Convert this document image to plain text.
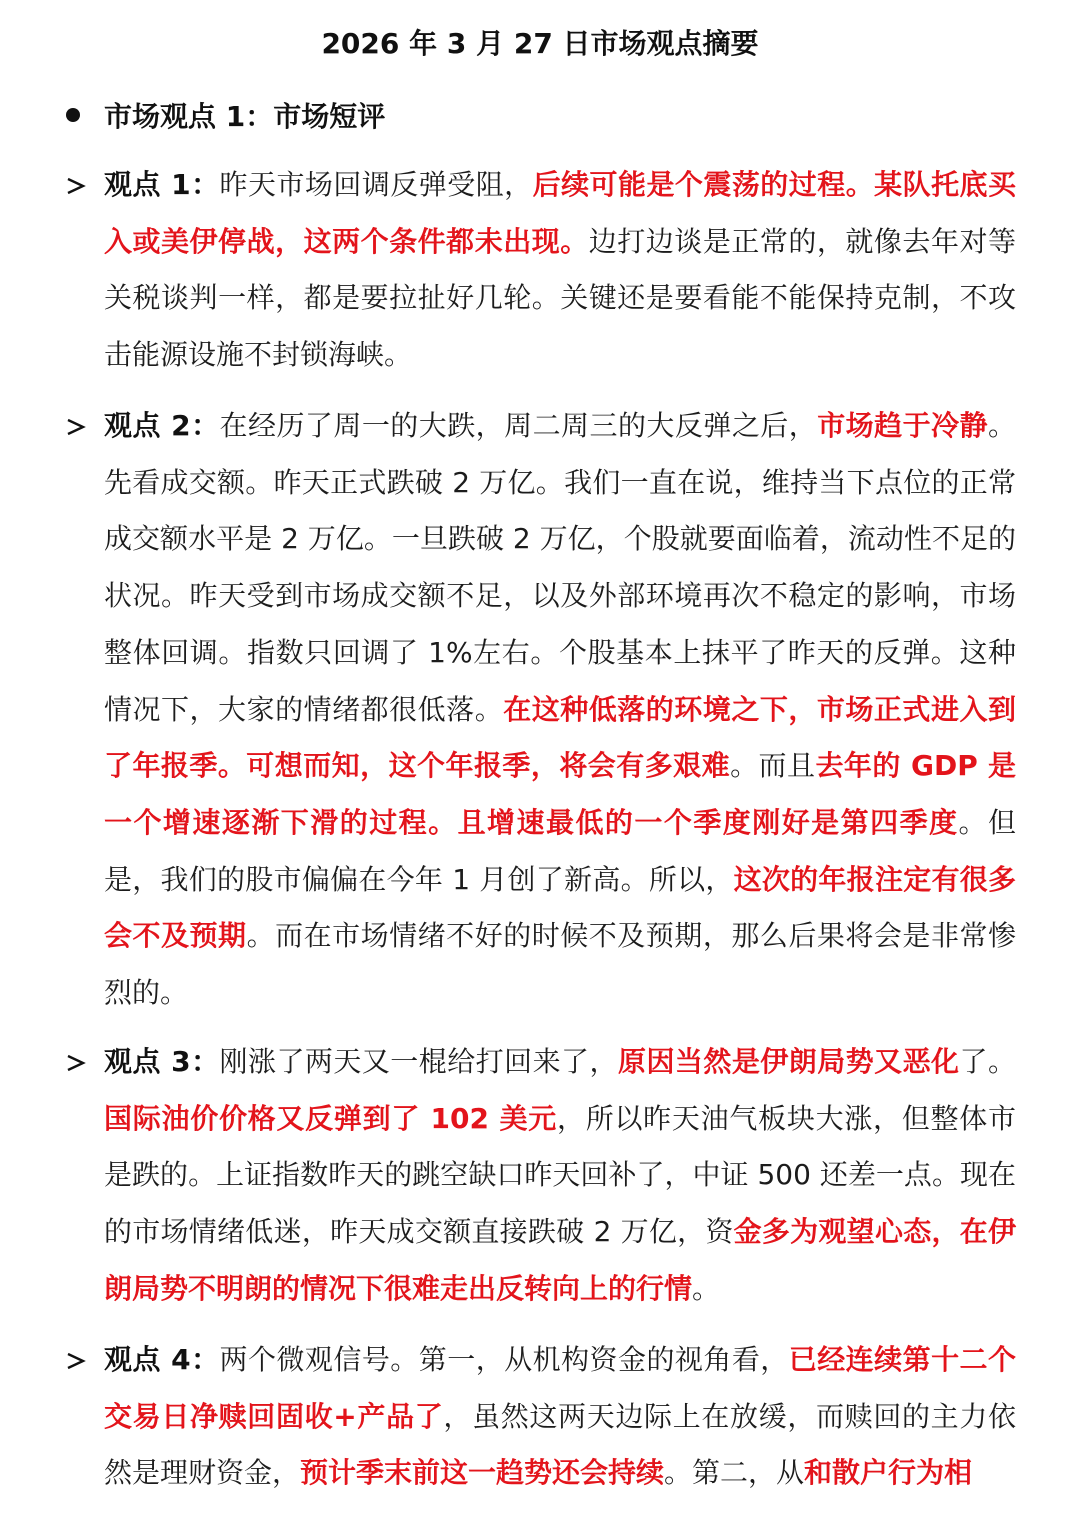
2026 年 3 月 27 日市场观点摘要
市场观点 1：市场短评
观点 1：昨天市场回调反弹受阻，后续可能是个震荡的过程。某队托底买入或美伊停战，这两个条件都未出现。边打边谈是正常的，就像去年对等关税谈判一样，都是要拉扯好几轮。关键还是要看能不能保持克制，不攻击能源设施不封锁海峡。
观点 2：在经历了周一的大跌，周二周三的大反弹之后，市场趋于冷静。先看成交额。昨天正式跌破 2 万亿。我们一直在说，维持当下点位的正常成交额水平是 2 万亿。一旦跌破 2 万亿，个股就要面临着，流动性不足的状况。昨天受到市场成交额不足，以及外部环境再次不稳定的影响，市场整体回调。指数只回调了 1%左右。个股基本上抹平了昨天的反弹。这种情况下，大家的情绪都很低落。在这种低落的环境之下，市场正式进入到了年报季。可想而知，这个年报季，将会有多艰难。而且去年的 GDP 是一个增速逐渐下滑的过程。且增速最低的一个季度刚好是第四季度。但是，我们的股市偏偏在今年 1 月创了新高。所以，这次的年报注定有很多会不及预期。而在市场情绪不好的时候不及预期，那么后果将会是非常惨烈的。
观点 3：刚涨了两天又一棍给打回来了，原因当然是伊朗局势又恶化了。国际油价价格又反弹到了 102 美元，所以昨天油气板块大涨，但整体市是跌的。上证指数昨天的跳空缺口昨天回补了，中证 500 还差一点。现在的市场情绪低迷，昨天成交额直接跌破 2 万亿，资金多为观望心态，在伊朗局势不明朗的情况下很难走出反转向上的行情。
观点 4：两个微观信号。第一，从机构资金的视角看，已经连续第十二个交易日净赎回固收+产品了，虽然这两天边际上在放缓，而赎回的主力依然是理财资金，预计季末前这一趋势还会持续。第二，从和散户行为相
